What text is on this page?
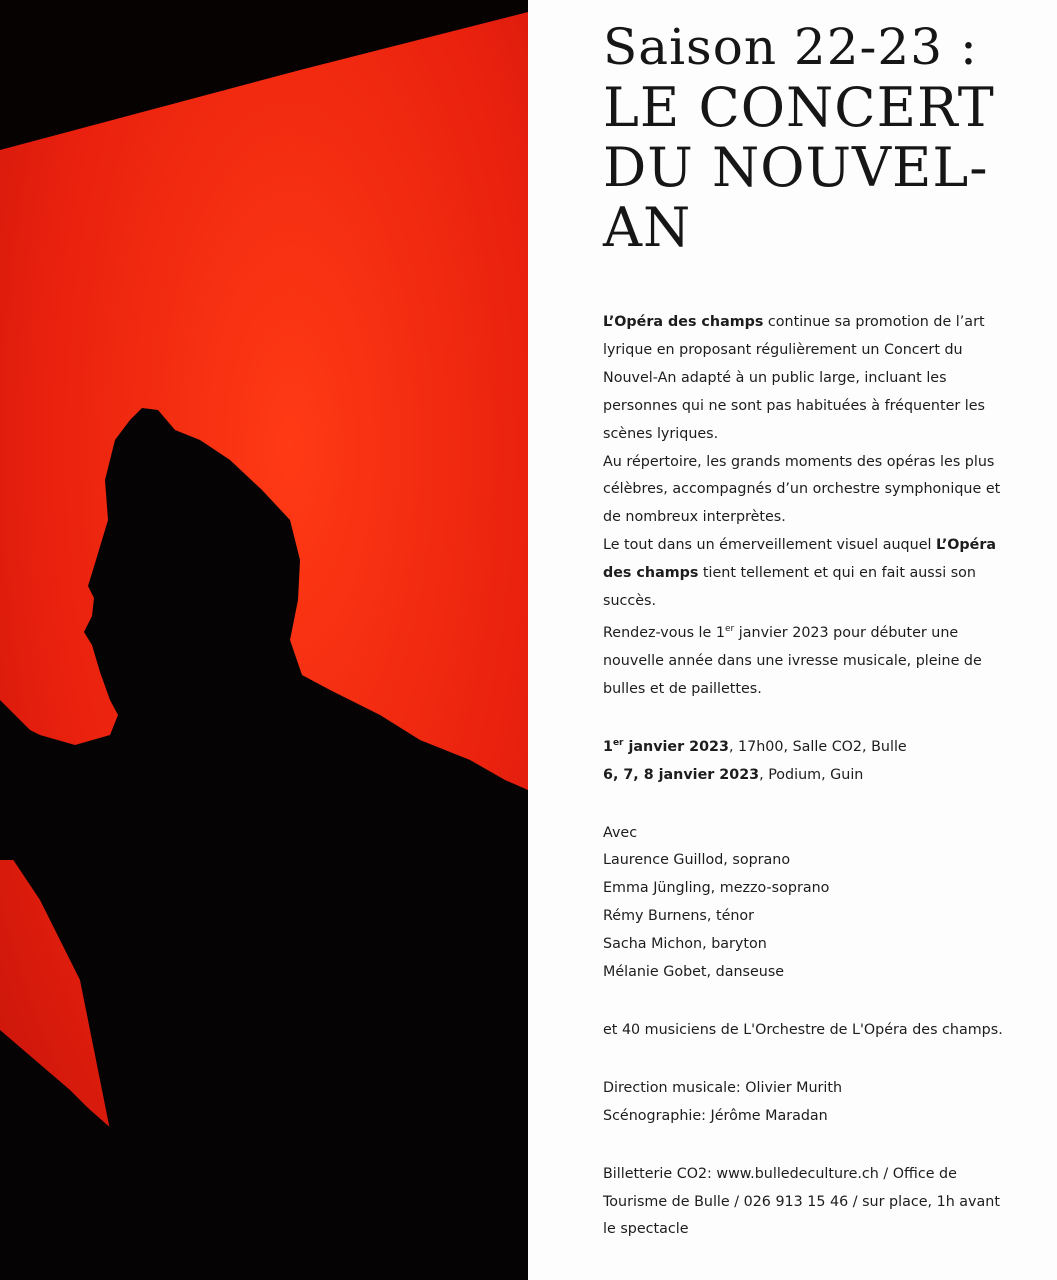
Saison 22-23 :
LE CONCERT DU NOUVEL-AN
L’Opéra des champs continue sa promotion de l’art lyrique en proposant régulièrement un Concert du Nouvel-An adapté à un public large, incluant les personnes qui ne sont pas habituées à fréquenter les scènes lyriques.
Au répertoire, les grands moments des opéras les plus célèbres, accompagnés d’un orchestre symphonique et de nombreux interprètes.
Le tout dans un émerveillement visuel auquel L’Opéra des champs tient tellement et qui en fait aussi son succès.
Rendez-vous le 1er janvier 2023 pour débuter une nouvelle année dans une ivresse musicale, pleine de bulles et de paillettes.
1er janvier 2023, 17h00, Salle CO2, Bulle
6, 7, 8 janvier 2023, Podium, Guin
Avec
Laurence Guillod, soprano
Emma Jüngling, mezzo-soprano
Rémy Burnens, ténor
Sacha Michon, baryton
Mélanie Gobet, danseuse
et 40 musiciens de L'Orchestre de L'Opéra des champs.
Direction musicale: Olivier Murith
Scénographie: Jérôme Maradan
Billetterie CO2: www.bulledeculture.ch / Office de Tourisme de Bulle / 026 913 15 46 / sur place, 1h avant le spectacle
